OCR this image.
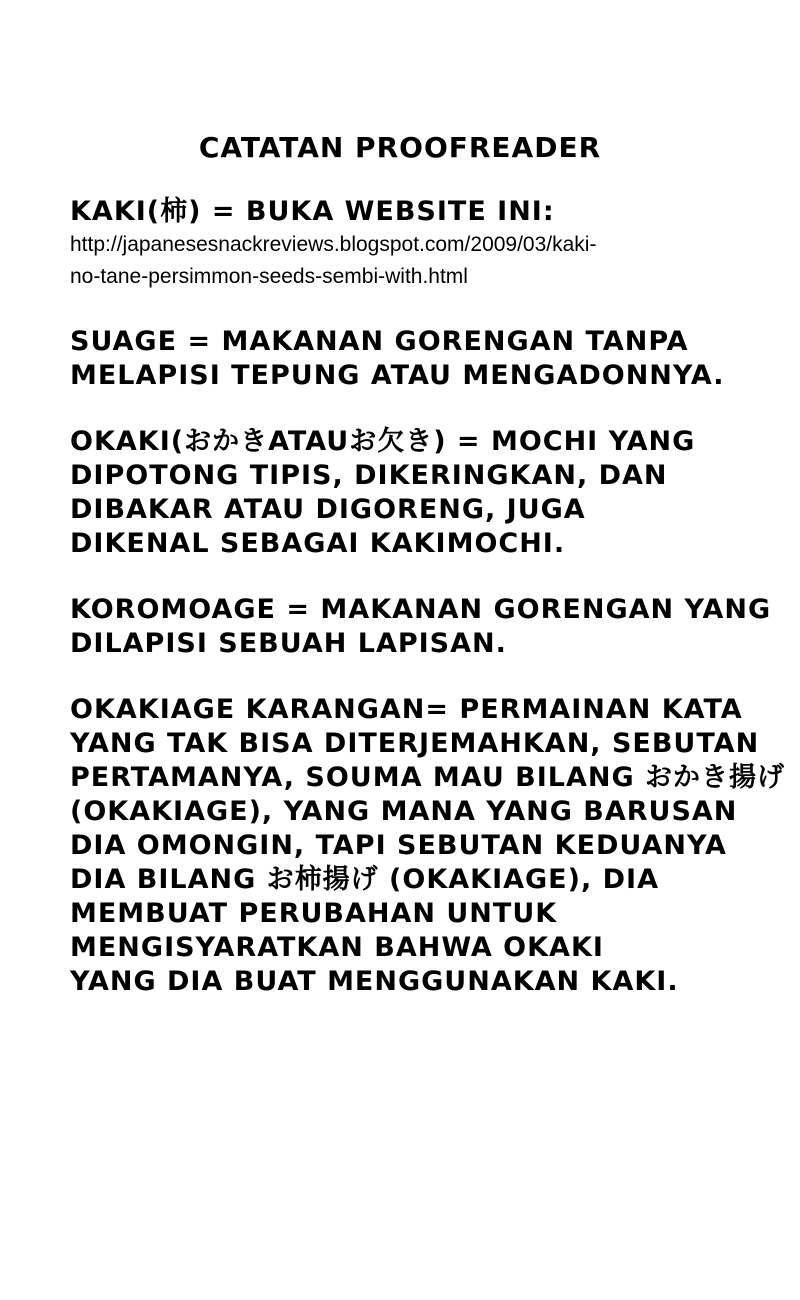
CATATAN PROOFREADER
KAKI(柿) = BUKA WEBSITE INI:
http://japanesesnackreviews.blogspot.com/2009/03/kaki-
no-tane-persimmon-seeds-sembi-with.html
SUAGE = MAKANAN GORENGAN TANPA
MELAPISI TEPUNG ATAU MENGADONNYA.
OKAKI(おかきATAUお欠き) = MOCHI YANG
DIPOTONG TIPIS, DIKERINGKAN, DAN
DIBAKAR ATAU DIGORENG, JUGA
DIKENAL SEBAGAI KAKIMOCHI.
KOROMOAGE = MAKANAN GORENGAN YANG
DILAPISI SEBUAH LAPISAN.
OKAKIAGE KARANGAN= PERMAINAN KATA
YANG TAK BISA DITERJEMAHKAN, SEBUTAN
PERTAMANYA, SOUMA MAU BILANG おかき揚げ
(OKAKIAGE), YANG MANA YANG BARUSAN
DIA OMONGIN, TAPI SEBUTAN KEDUANYA
DIA BILANG お柿揚げ (OKAKIAGE), DIA
MEMBUAT PERUBAHAN UNTUK
MENGISYARATKAN BAHWA OKAKI
YANG DIA BUAT MENGGUNAKAN KAKI.
